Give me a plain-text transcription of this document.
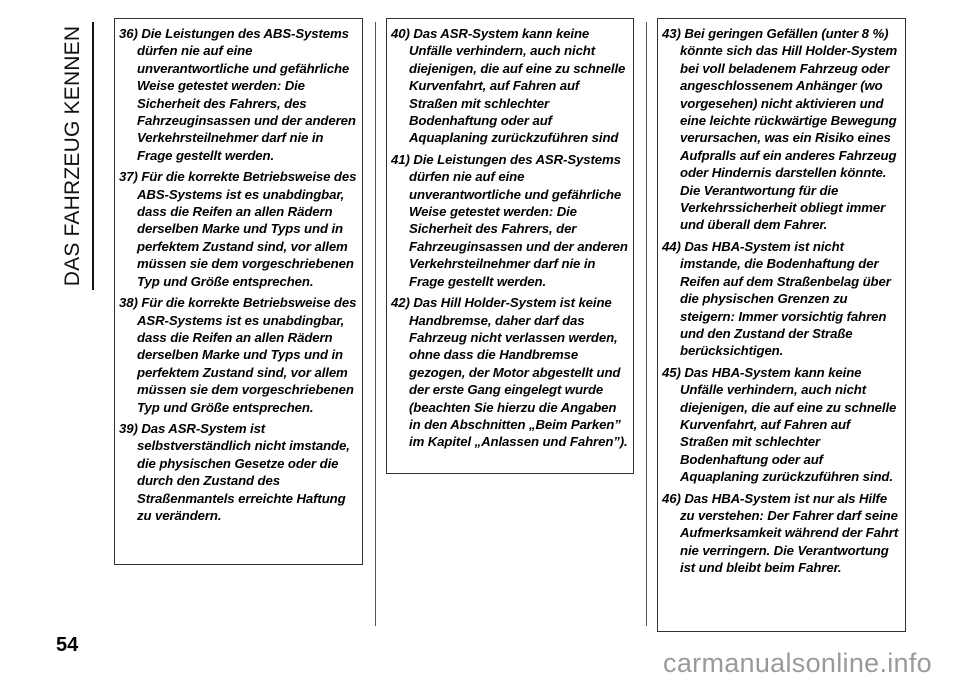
DAS FAHRZEUG KENNEN	36) Die Leistungen des ABS-Systems dürfen nie auf eine unverantwortliche und gefährliche Weise getestet werden: Die Sicherheit des Fahrers, des Fahrzeuginsassen und der anderen Verkehrsteilnehmer darf nie in Frage gestellt werden.

37) Für die korrekte Betriebsweise des ABS-Systems ist es unabdingbar, dass die Reifen an allen Rädern derselben Marke und Typs und in perfektem Zustand sind, vor allem müssen sie dem vorgeschriebenen Typ und Größe entsprechen.

38) Für die korrekte Betriebsweise des ASR-Systems ist es unabdingbar, dass die Reifen an allen Rädern derselben Marke und Typs und in perfektem Zustand sind, vor allem müssen sie dem vorgeschriebenen Typ und Größe entsprechen.

39) Das ASR-System ist selbstverständlich nicht imstande, die physischen Gesetze oder die durch den Zustand des Straßenmantels erreichte Haftung zu verändern.

40) Das ASR-System kann keine Unfälle verhindern, auch nicht diejenigen, die auf eine zu schnelle Kurvenfahrt, auf Fahren auf Straßen mit schlechter Bodenhaftung oder auf Aquaplaning zurückzuführen sind

41) Die Leistungen des ASR-Systems dürfen nie auf eine unverantwortliche und gefährliche Weise getestet werden: Die Sicherheit des Fahrers, der Fahrzeuginsassen und der anderen Verkehrsteilnehmer darf nie in Frage gestellt werden.

42) Das Hill Holder-System ist keine Handbremse, daher darf das Fahrzeug nicht verlassen werden, ohne dass die Handbremse gezogen, der Motor abgestellt und der erste Gang eingelegt wurde (beachten Sie hierzu die Angaben in den Abschnitten „Beim Parken” im Kapitel „Anlassen und Fahren”).

43) Bei geringen Gefällen (unter 8 %) könnte sich das Hill Holder-System bei voll beladenem Fahrzeug oder angeschlossenem Anhänger (wo vorgesehen) nicht aktivieren und eine leichte rückwärtige Bewegung verursachen, was ein Risiko eines Aufpralls auf ein anderes Fahrzeug oder Hindernis darstellen könnte. Die Verantwortung für die Verkehrssicherheit obliegt immer und überall dem Fahrer.

44) Das HBA-System ist nicht imstande, die Bodenhaftung der Reifen auf dem Straßenbelag über die physischen Grenzen zu steigern: Immer vorsichtig fahren und den Zustand der Straße berücksichtigen.

45) Das HBA-System kann keine Unfälle verhindern, auch nicht diejenigen, die auf eine zu schnelle Kurvenfahrt, auf Fahren auf Straßen mit schlechter Bodenhaftung oder auf Aquaplaning zurückzuführen sind.

46) Das HBA-System ist nur als Hilfe zu verstehen: Der Fahrer darf seine Aufmerksamkeit während der Fahrt nie verringern. Die Verantwortung ist und bleibt beim Fahrer.

54
carmanualsonline.info
